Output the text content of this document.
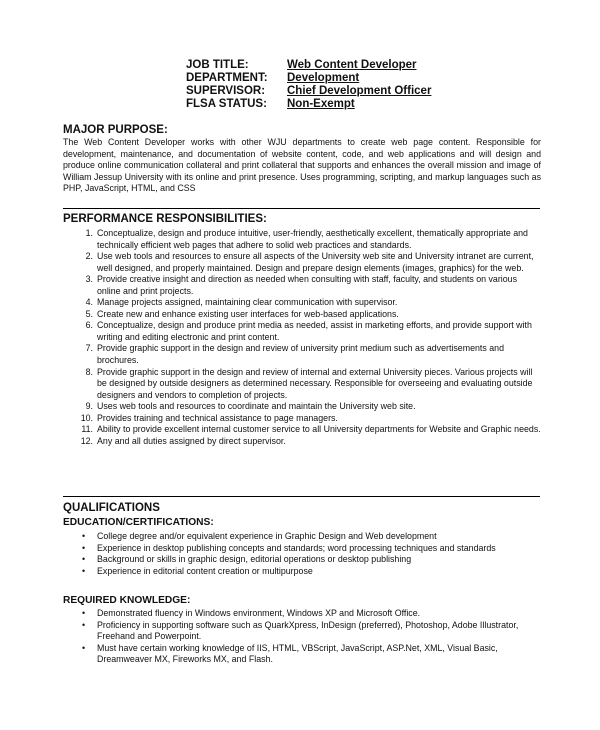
JOB TITLE:	Web Content Developer
DEPARTMENT: Development
SUPERVISOR: Chief Development Officer
FLSA STATUS: Non-Exempt
MAJOR PURPOSE:

The Web Content Developer works with other WJU departments to create web page content. Responsible for development, maintenance, and documentation of website content, code, and web applications and will design and produce online communication collateral and print collateral that supports and enhances the overall mission and image of William Jessup University with its online and print presence. Uses programming, scripting, and markup languages such as PHP, JavaScript, HTML, and CSS

PERFORMANCE RESPONSIBILITIES:
1. Conceptualize, design and produce intuitive, user-friendly, aesthetically excellent, thematically appropriate and technically efficient web pages that adhere to solid web practices and standards.
2. Use web tools and resources to ensure all aspects of the University web site and University intranet are current, well designed, and properly maintained. Design and prepare design elements (images, graphics) for the web.
3. Provide creative insight and direction as needed when consulting with staff, faculty, and students on various online and print projects.
4. Manage projects assigned, maintaining clear communication with supervisor.
5. Create new and enhance existing user interfaces for web-based applications.
6. Conceptualize, design and produce print media as needed, assist in marketing efforts, and provide support with writing and editing electronic and print content.
7. Provide graphic support in the design and review of university print medium such as advertisements and brochures.
8. Provide graphic support in the design and review of internal and external University pieces. Various projects will be designed by outside designers as determined necessary. Responsible for overseeing and evaluating outside designers and vendors to completion of projects.
9. Uses web tools and resources to coordinate and maintain the University web site.
10. Provides training and technical assistance to page managers.
11. Ability to provide excellent internal customer service to all University departments for Website and Graphic needs.
12. Any and all duties assigned by direct supervisor.
QUALIFICATIONS
EDUCATION/CERTIFICATIONS:
• College degree and/or equivalent experience in Graphic Design and Web development
• Experience in desktop publishing concepts and standards; word processing techniques and standards
• Background or skills in graphic design, editorial operations or desktop publishing
• Experience in editorial content creation or multipurpose
REQUIRED KNOWLEDGE:
• Demonstrated fluency in Windows environment, Windows XP and Microsoft Office.
• Proficiency in supporting software such as QuarkXpress, InDesign (preferred), Photoshop, Adobe Illustrator, Freehand and Powerpoint.
• Must have certain working knowledge of IIS, HTML, VBScript, JavaScript, ASP.Net, XML, Visual Basic, Dreamweaver MX, Fireworks MX, and Flash.
